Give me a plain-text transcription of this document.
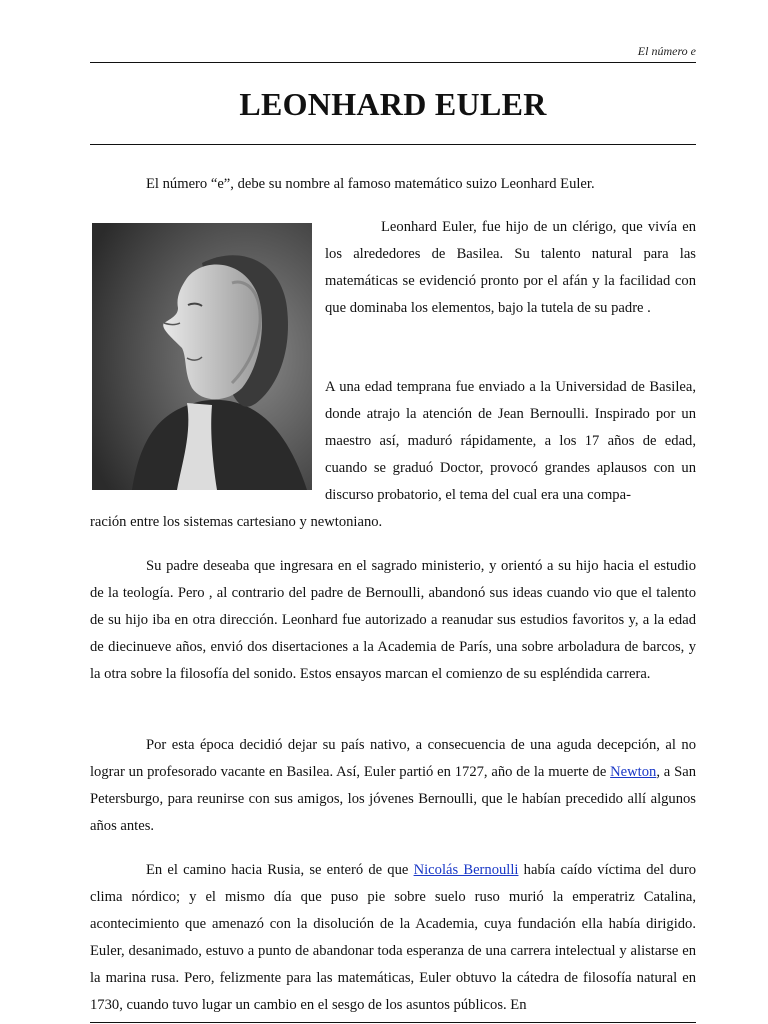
El número e
LEONHARD EULER
El número “e”, debe su nombre al famoso matemático suizo Leonhard Euler.
Leonhard Euler, fue hijo de un clérigo, que vivía en los alrededores de Basilea. Su talento natural para las matemáticas se evidenció pronto por el afán y la facilidad con que dominaba los elementos, bajo la tutela de su padre .
A una edad temprana fue enviado a la Universidad de Basilea, donde atrajo la atención de Jean Bernoulli. Inspirado por un maestro así, maduró rápidamente, a los 17 años de edad, cuando se graduó Doctor, provocó grandes aplausos con un discurso probatorio, el tema del cual era una compa-
ración entre los sistemas cartesiano y newtoniano.
Su padre deseaba que ingresara en el sagrado ministerio, y orientó a su hijo hacia el estudio de la teología. Pero , al contrario del padre de Bernoulli, abandonó sus ideas cuando vio que el talento de su hijo iba en otra dirección. Leonhard fue autorizado a reanudar sus estudios favoritos y, a la edad de diecinueve años, envió dos disertaciones a la Academia de París, una sobre arboladura de barcos, y la otra sobre la filosofía del sonido. Estos ensayos marcan el comienzo de su espléndida carrera.
Por esta época decidió dejar su país nativo, a consecuencia de una aguda decepción, al no lograr un profesorado vacante en Basilea. Así, Euler partió en 1727, año de la muerte de Newton, a San Petersburgo, para reunirse con sus amigos, los jóvenes Bernoulli, que le habían precedido allí algunos años antes.
En el camino hacia Rusia, se enteró de que Nicolás Bernoulli había caído víctima del duro clima nórdico; y el mismo día que puso pie sobre suelo ruso murió la emperatriz Catalina, acontecimiento que amenazó con la disolución de la Academia, cuya fundación ella había dirigido. Euler, desanimado, estuvo a punto de abandonar toda esperanza de una carrera intelectual y alistarse en la marina rusa. Pero, felizmente para las matemáticas, Euler obtuvo la cátedra de filosofía natural en 1730, cuando tuvo lugar un cambio en el sesgo de los asuntos públicos. En
